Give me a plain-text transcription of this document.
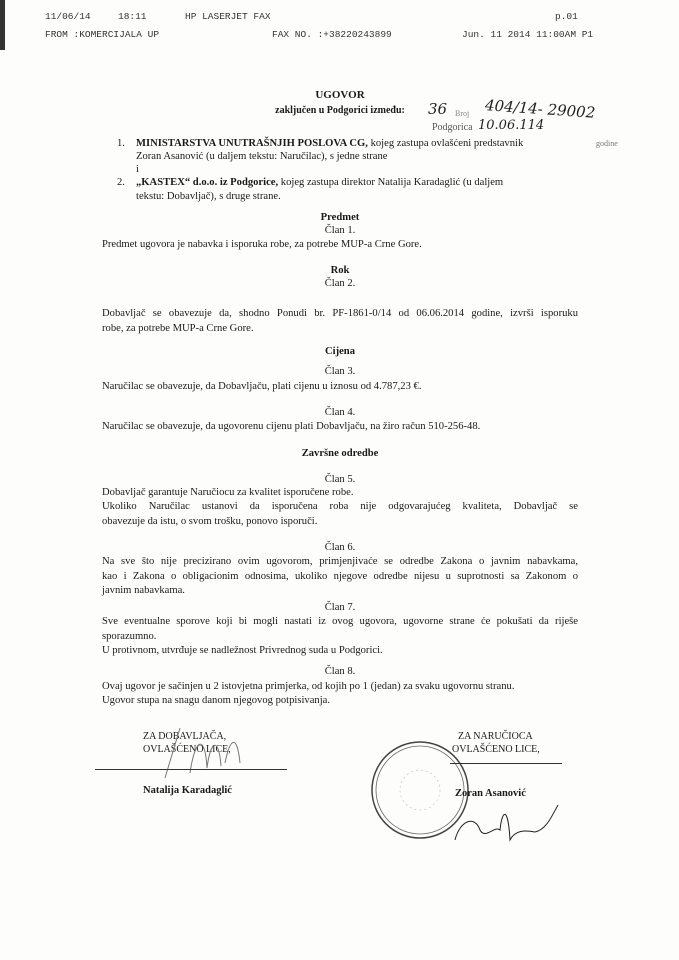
11/06/14	18:11	HP LASERJET FAX	p.01
FROM :KOMERCIJALA UP	FAX NO. :+38220243899	Jun. 11 2014 11:00AM P1
UGOVOR
zaključen u Podgorici između:	36 Broj 404/14- 29002
Podgorica 10.06.114
godine
1. MINISTARSTVA UNUTRAŠNJIH POSLOVA CG, kojeg zastupa ovlašćeni predstavnik
Zoran Asanović (u daljem tekstu: Naručilac), s jedne strane
i
2. „KASTEX“ d.o.o. iz Podgorice, kojeg zastupa direktor Natalija Karadaglić (u daljem
tekstu: Dobavljač), s druge strane.
Predmet
Član 1.
Predmet ugovora je nabavka i isporuka robe, za potrebe MUP-a Crne Gore.
Rok
Član 2.
Dobavljač se obavezuje da, shodno Ponudi br. PF-1861-0/14 od 06.06.2014 godine, izvrši isporuku
robe, za potrebe MUP-a Crne Gore.
Cijena
Član 3.
Naručilac se obavezuje, da Dobavljaču, plati cijenu u iznosu od 4.787,23 €.
Član 4.
Naručilac se obavezuje, da ugovorenu cijenu plati Dobavljaču, na žiro račun 510-256-48.
Završne odredbe
Član 5.
Dobavljač garantuje Naručiocu za kvalitet isporučene robe.
Ukoliko Naručilac ustanovi da isporučena roba nije odgovarajućeg kvaliteta, Dobavljač se
obavezuje da istu, o svom trošku, ponovo isporuči.
Član 6.
Na sve što nije precizirano ovim ugovorom, primjenjivaće se odredbe Zakona o javnim nabavkama,
kao i Zakona o obligacionim odnosima, ukoliko njegove odredbe nijesu u suprotnosti sa Zakonom o
javnim nabavkama.
Član 7.
Sve eventualne sporove koji bi mogli nastati iz ovog ugovora, ugovorne strane će pokušati da riješe
sporazumno.
U protivnom, utvrđuje se nadležnost Privrednog suda u Podgorici.
Član 8.
Ovaj ugovor je sačinjen u 2 istovjetna primjerka, od kojih po 1 (jedan) za svaku ugovornu stranu.
Ugovor stupa na snagu danom njegovog potpisivanja.
ZA DOBAVLJAČA,
OVLAŠĆENO LICE,
Natalija Karadaglić
ZA NARUČIOCA
OVLAŠĆENO LICE,
Zoran Asanović
